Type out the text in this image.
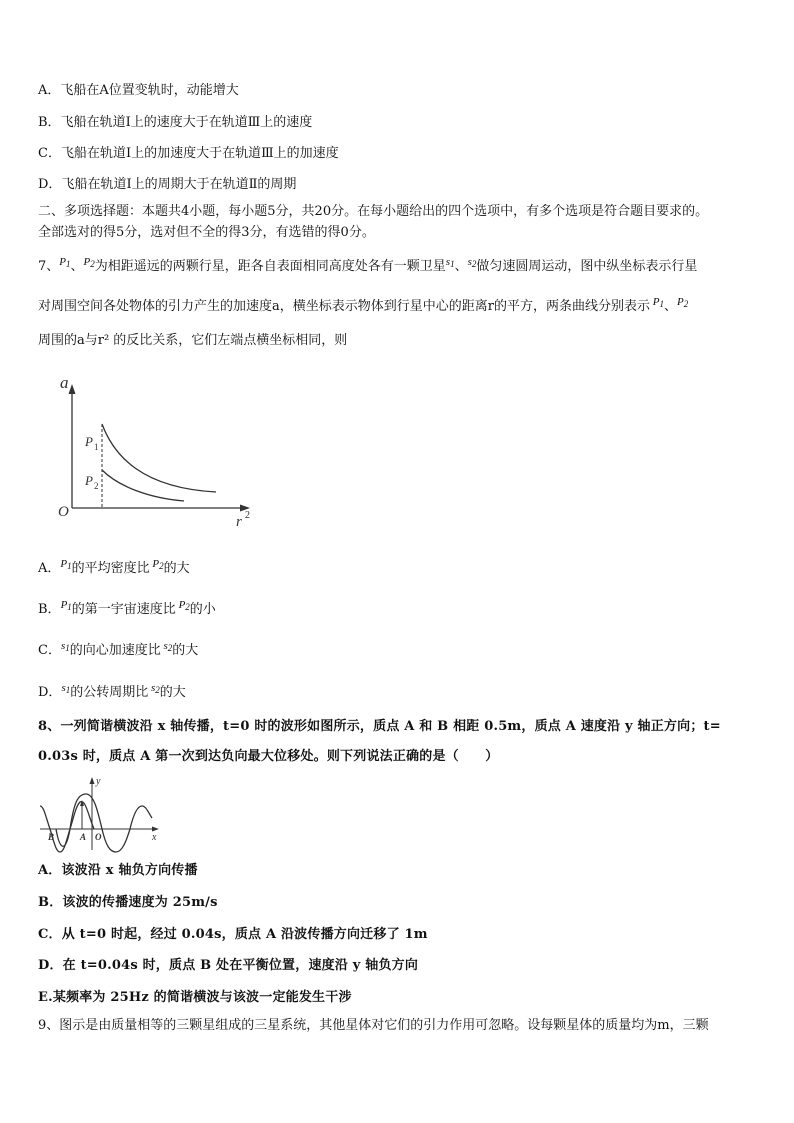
A．飞船在A位置变轨时，动能增大
B．飞船在轨道Ⅰ上的速度大于在轨道Ⅲ上的速度
C．飞船在轨道Ⅰ上的加速度大于在轨道Ⅲ上的加速度
D．飞船在轨道Ⅰ上的周期大于在轨道Ⅱ的周期
二、多项选择题：本题共4小题，每小题5分，共20分。在每小题给出的四个选项中，有多个选项是符合题目要求的。
全部选对的得5分，选对但不全的得3分，有选错的得0分。
7、$^{P_1}$、$^{P_2}$为相距遥远的两颗行星，距各自表面相同高度处各有一颗卫星$^{s_1}$、$^{s_2}$做匀速圆周运动，图中纵坐标表示行星
对周围空间各处物体的引力产生的加速度a，横坐标表示物体到行星中心的距离r的平方，两条曲线分别表示 $^{P_1}$、$^{P_2}$
周围的a与r² 的反比关系，它们左端点横坐标相同，则
a
O
r 2
P 1
P 2
A．$^{P_1}$的平均密度比 $^{P_2}$的大
B．$^{P_1}$的第一宇宙速度比 $^{P_2}$的小
C．$^{s_1}$的向心加速度比 $^{s_2}$的大
D．$^{s_1}$的公转周期比 $^{s_2}$的大
8、一列简谐横波沿 x 轴传播，t=0 时的波形如图所示，质点 A 和 B 相距 0.5m，质点 A 速度沿 y 轴正方向；t=
0.03s 时，质点 A 第一次到达负向最大位移处。则下列说法正确的是（　　）
y
x
B	A O
A．该波沿 x 轴负方向传播
B．该波的传播速度为 25m/s
C．从 t=0 时起，经过 0.04s，质点 A 沿波传播方向迁移了 1m
D．在 t=0.04s 时，质点 B 处在平衡位置，速度沿 y 轴负方向
E.某频率为 25Hz 的简谐横波与该波一定能发生干涉
9、图示是由质量相等的三颗星组成的三星系统，其他星体对它们的引力作用可忽略。设每颗星体的质量均为m，三颗
